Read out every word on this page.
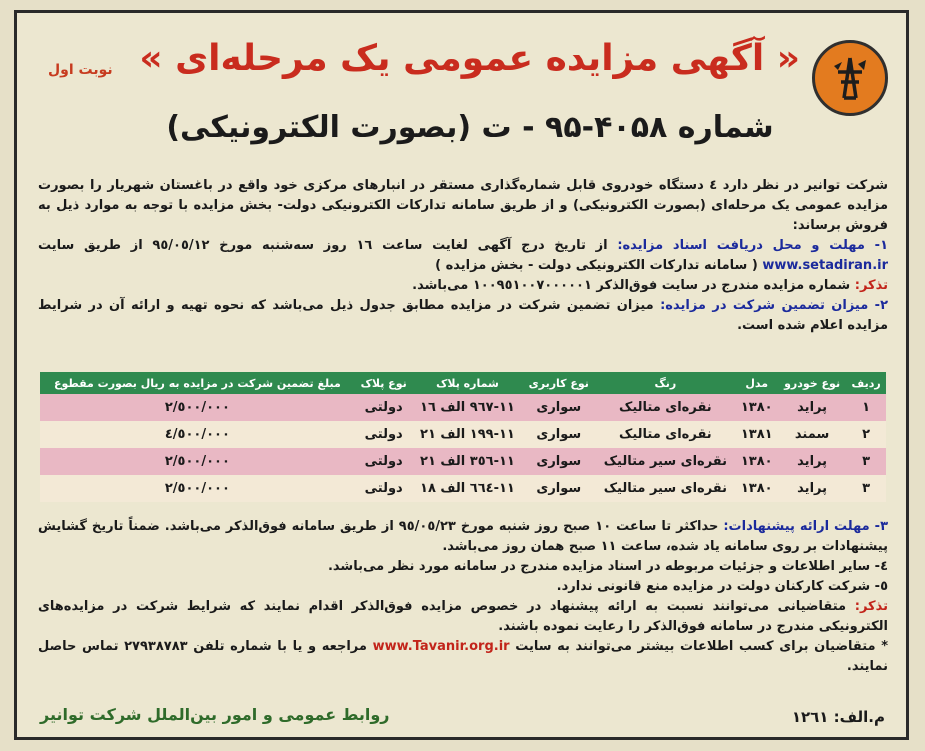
نوبت اول « آگهی مزایده عمومی یک مرحله‌ای »
شماره ۴۰۵۸-۹۵ - ت (بصورت الکترونیکی)

شرکت توانیر در نظر دارد ٤ دستگاه خودروی قابل شماره‌گذاری مستقر در انبارهای مرکزی خود واقع در باغستان شهریار را بصورت مزایده عمومی یک مرحله‌ای (بصورت الکترونیکی) و از طریق سامانه تدارکات الکترونیکی دولت- بخش مزایده با توجه به موارد ذیل به فروش برساند:

١- مهلت و محل دریافت اسناد مزایده: از تاریخ درج آگهی لغایت ساعت ١٦ روز سه‌شنبه مورخ ٩٥/٠٥/١٢ از طریق سایت www.setadiran.ir ( سامانه تدارکات الکترونیکی دولت - بخش مزایده )

تذکر: شماره مزایده مندرج در سایت فوق‌الذکر ١٠٠٩٥١٠٠٧٠٠٠٠٠١ می‌باشد.

٢- میزان تضمین شرکت در مزایده: میزان تضمین شرکت در مزایده مطابق جدول ذیل می‌باشد که نحوه تهیه و ارائه آن در شرایط مزایده اعلام شده است.

ردیف	نوع خودرو	مدل	رنگ	نوع کاربری	شماره پلاک	نوع پلاک	مبلغ تضمین شرکت در مزایده به ریال بصورت مقطوع
١	پراید	١٣٨٠	نقره‌ای متالیک	سواری	١١-٩٦٧ الف ١٦	دولتی	٢/٥٠٠/٠٠٠
٢	سمند	١٣٨١	نقره‌ای متالیک	سواری	١١-١٩٩ الف ٢١	دولتی	٤/٥٠٠/٠٠٠
٣	پراید	١٣٨٠	نقره‌ای سیر متالیک	سواری	١١-٣٥٦ الف ٢١	دولتی	٢/٥٠٠/٠٠٠
٣	پراید	١٣٨٠	نقره‌ای سیر متالیک	سواری	١١-٦٦٤ الف ١٨	دولتی	٢/٥٠٠/٠٠٠

٣- مهلت ارائه پیشنهادات: حداکثر تا ساعت ١٠ صبح روز شنبه مورخ ٩٥/٠٥/٢٣ از طریق سامانه فوق‌الذکر می‌باشد. ضمناً تاریخ گشایش پیشنهادات بر روی سامانه یاد شده، ساعت ١١ صبح همان روز می‌باشد.

٤- سایر اطلاعات و جزئیات مربوطه در اسناد مزایده مندرج در سامانه مورد نظر می‌باشد.

٥- شرکت کارکنان دولت در مزایده منع قانونی ندارد.

تذکر: متقاضیانی می‌توانند نسبت به ارائه پیشنهاد در خصوص مزایده فوق‌الذکر اقدام نمایند که شرایط شرکت در مزایده‌های الکترونیکی مندرج در سامانه فوق‌الذکر را رعایت نموده باشند.

* متقاضیان برای کسب اطلاعات بیشتر می‌توانند به سایت www.Tavanir.org.ir مراجعه و یا با شماره تلفن ٢٧٩٣٨٧٨٣ تماس حاصل نمایند.

م.الف: ١٢٦١
روابط عمومی و امور بین‌الملل شرکت توانیر
